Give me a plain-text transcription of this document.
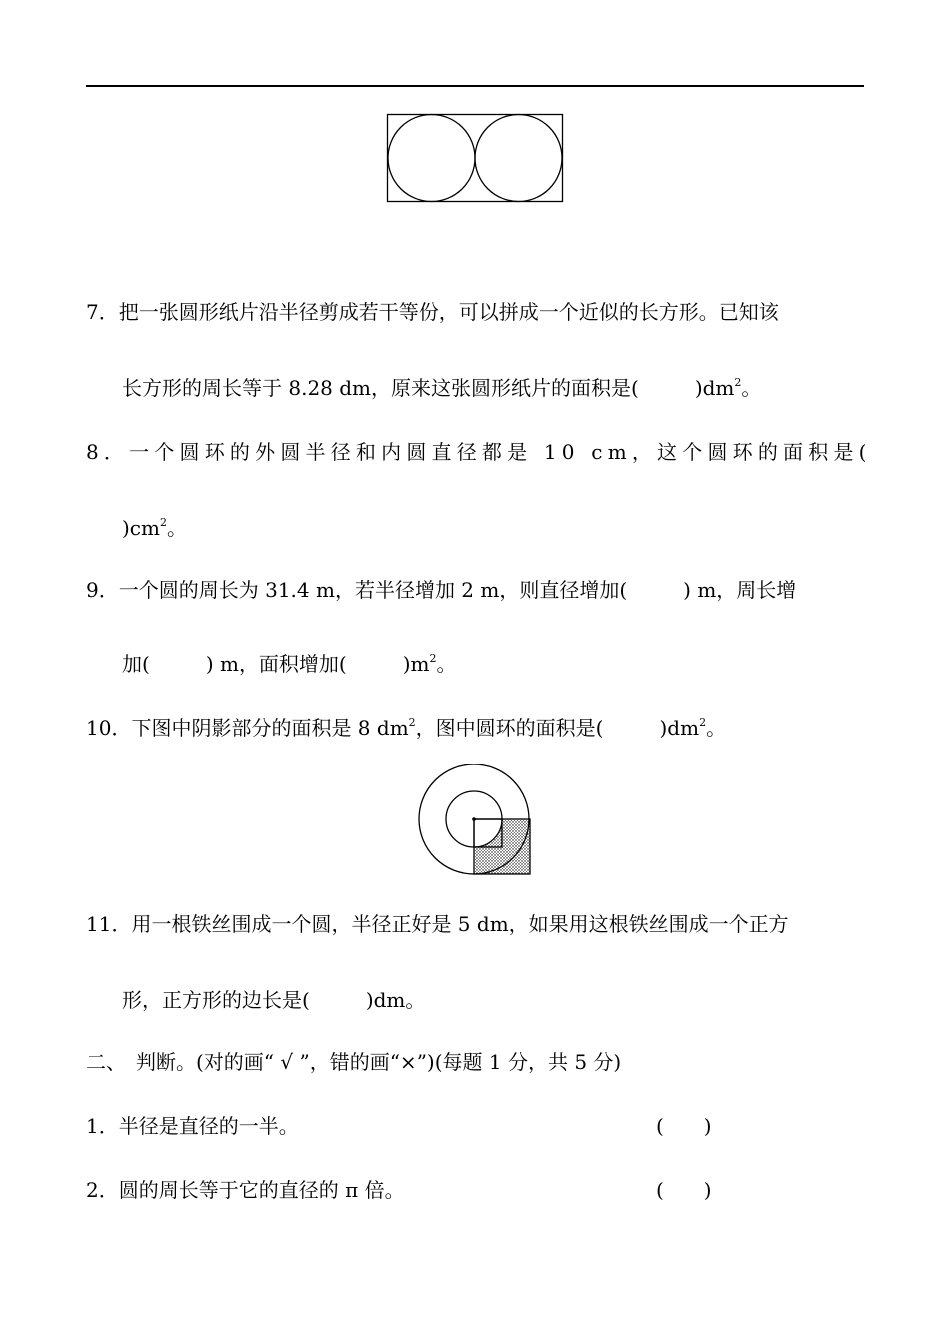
7．把一张圆形纸片沿半径剪成若干等份，可以拼成一个近似的长方形。已知该
长方形的周长等于 8.28 dm，原来这张圆形纸片的面积是(	)$dm^2$。
8．一个圆环的外圆半径和内圆直径都是 10 cm，这个圆环的面积是(
)$cm^2$。
9．一个圆的周长为 31.4 m，若半径增加 2 m，则直径增加(	) m，周长增
加(	) m，面积增加(	)$m^2$。
10．下图中阴影部分的面积是 8 $dm^2$，图中圆环的面积是(	)$dm^2$。
11．用一根铁丝围成一个圆，半径正好是 5 dm，如果用这根铁丝围成一个正方
形，正方形的边长是(	)dm。
二、　判断。(对的画“ √ ”，错的画“×”)(每题 1 分，共 5 分)
1．半径是直径的一半。	(　　)
2．圆的周长等于它的直径的 π 倍。	(　　)
